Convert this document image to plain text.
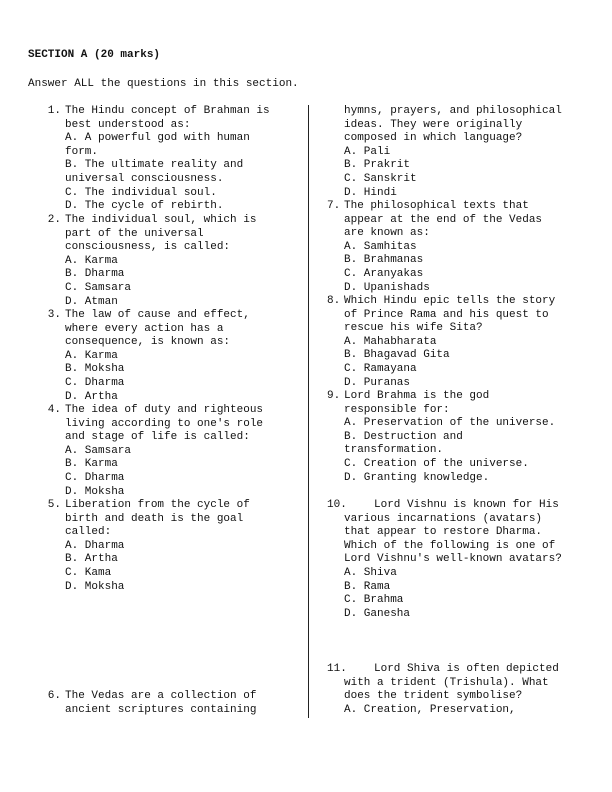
SECTION A (20 marks)
Answer ALL the questions in this section.
1. The Hindu concept of Brahman is
best understood as:
A. A powerful god with human
form.
B. The ultimate reality and
universal consciousness.
C. The individual soul.
D. The cycle of rebirth.
2. The individual soul, which is
part of the universal
consciousness, is called:
A. Karma
B. Dharma
C. Samsara
D. Atman
3. The law of cause and effect,
where every action has a
consequence, is known as:
A. Karma
B. Moksha
C. Dharma
D. Artha
4. The idea of duty and righteous
living according to one's role
and stage of life is called:
A. Samsara
B. Karma
C. Dharma
D. Moksha
5. Liberation from the cycle of
birth and death is the goal
called:
A. Dharma
B. Artha
C. Kama
D. Moksha
6. The Vedas are a collection of
ancient scriptures containing
hymns, prayers, and philosophical
ideas. They were originally
composed in which language?
A. Pali
B. Prakrit
C. Sanskrit
D. Hindi
7. The philosophical texts that
appear at the end of the Vedas
are known as:
A. Samhitas
B. Brahmanas
C. Aranyakas
D. Upanishads
8. Which Hindu epic tells the story
of Prince Rama and his quest to
rescue his wife Sita?
A. Mahabharata
B. Bhagavad Gita
C. Ramayana
D. Puranas
9. Lord Brahma is the god
responsible for:
A. Preservation of the universe.
B. Destruction and
transformation.
C. Creation of the universe.
D. Granting knowledge.
10.
Lord Vishnu is known for His
various incarnations (avatars)
that appear to restore Dharma.
Which of the following is one of
Lord Vishnu's well-known avatars?
A. Shiva
B. Rama
C. Brahma
D. Ganesha
11.
Lord Shiva is often depicted
with a trident (Trishula). What
does the trident symbolise?
A. Creation, Preservation,
